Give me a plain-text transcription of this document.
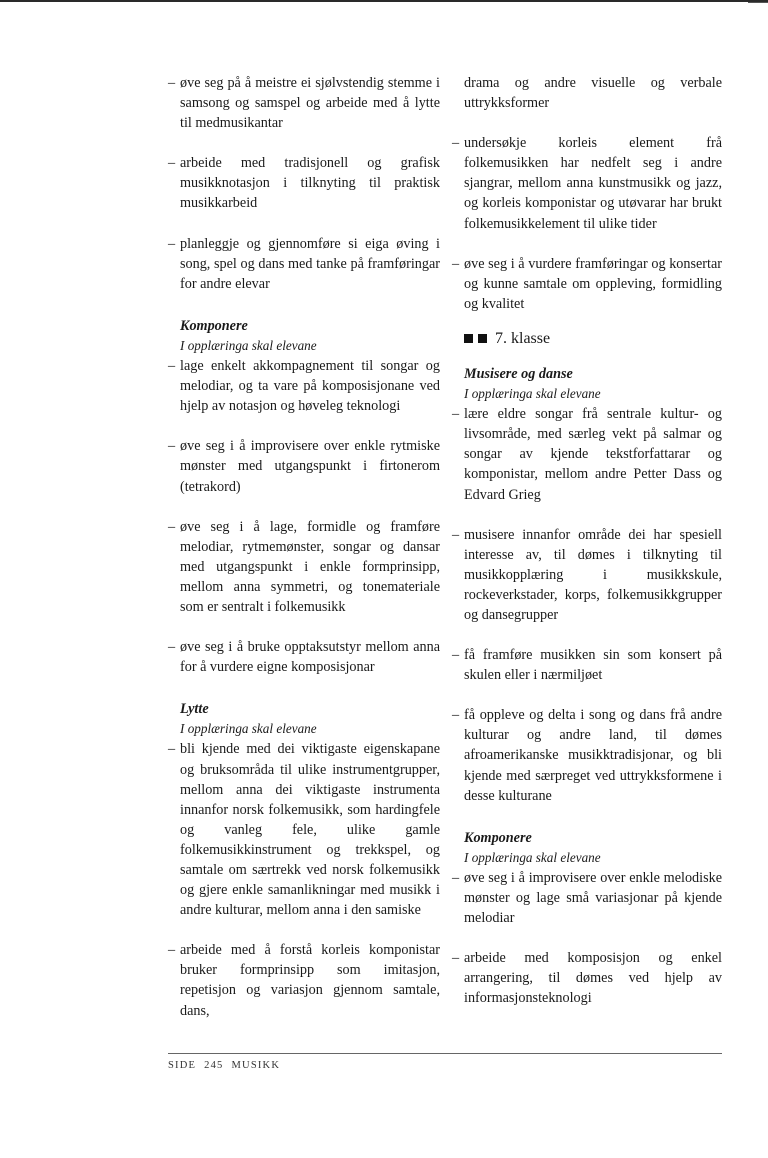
– øve seg på å meistre ei sjølvstendig stemme i samsong og samspel og arbeide med å lytte til medmusikantar
– arbeide med tradisjonell og grafisk musikknotasjon i tilknyting til praktisk musikkarbeid
– planleggje og gjennomføre si eiga øving i song, spel og dans med tanke på framføringar for andre elevar
Komponere
I opplæringa skal elevane
– lage enkelt akkompagnement til songar og melodiar, og ta vare på komposisjonane ved hjelp av notasjon og høveleg teknologi
– øve seg i å improvisere over enkle rytmiske mønster med utgangspunkt i firtonerom (tetrakord)
– øve seg i å lage, formidle og framføre melodiar, rytmemønster, songar og dansar med utgangspunkt i enkle formprinsipp, mellom anna symmetri, og tonemateriale som er sentralt i folkemusikk
– øve seg i å bruke opptaksutstyr mellom anna for å vurdere eigne komposisjonar
Lytte
I opplæringa skal elevane
– bli kjende med dei viktigaste eigenskapane og bruksområda til ulike instrumentgrupper, mellom anna dei viktigaste instrumenta innanfor norsk folkemusikk, som hardingfele og vanleg fele, ulike gamle folkemusikkinstrument og trekkspel, og samtale om særtrekk ved norsk folkemusikk og gjere enkle samanlikningar med musikk i andre kulturar, mellom anna i den samiske
– arbeide med å forstå korleis komponistar bruker formprinsipp som imitasjon, repetisjon og variasjon gjennom samtale, dans,
drama og andre visuelle og verbale uttrykksformer
– undersøkje korleis element frå folkemusikken har nedfelt seg i andre sjangrar, mellom anna kunstmusikk og jazz, og korleis komponistar og utøvarar har brukt folkemusikkelement til ulike tider
– øve seg i å vurdere framføringar og konsertar og kunne samtale om oppleving, formidling og kvalitet
7. klasse
Musisere og danse
I opplæringa skal elevane
– lære eldre songar frå sentrale kultur- og livsområde, med særleg vekt på salmar og songar av kjende tekstforfattarar og komponistar, mellom andre Petter Dass og Edvard Grieg
– musisere innanfor område dei har spesiell interesse av, til dømes i tilknyting til musikkopplæring i musikkskule, rockeverkstader, korps, folkemusikkgrupper og dansegrupper
– få framføre musikken sin som konsert på skulen eller i nærmiljøet
– få oppleve og delta i song og dans frå andre kulturar og andre land, til dømes afroamerikanske musikktradisjonar, og bli kjende med særpreget ved uttrykksformene i desse kulturane
Komponere
I opplæringa skal elevane
– øve seg i å improvisere over enkle melodiske mønster og lage små variasjonar på kjende melodiar
– arbeide med komposisjon og enkel arrangering, til dømes ved hjelp av informasjonsteknologi
SIDE 245 MUSIKK
